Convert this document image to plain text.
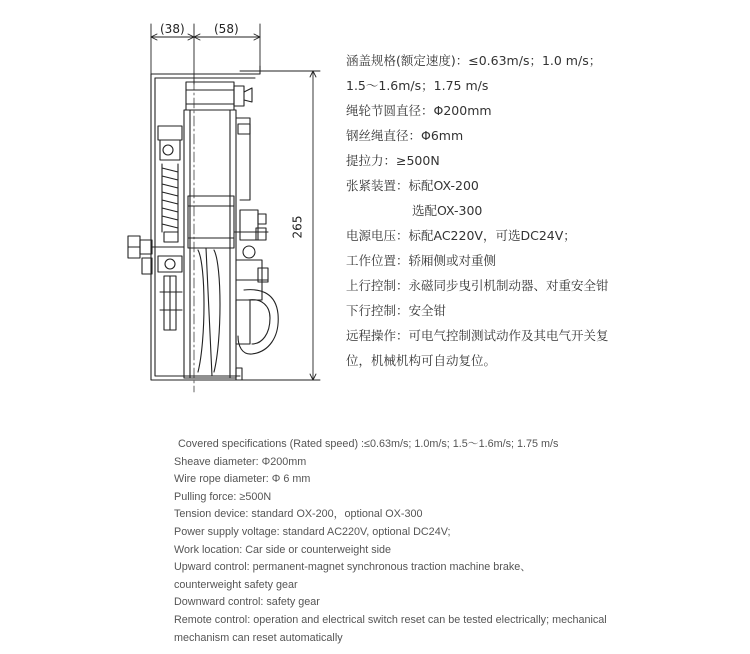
(38) (58)
265
涵盖规格(额定速度)：≤0.63m/s；1.0 m/s；
1.5～1.6m/s；1.75 m/s
绳轮节圆直径：Φ200mm
钢丝绳直径：Φ6mm
提拉力：≥500N
张紧装置：标配OX-200
选配OX-300
电源电压：标配AC220V，可选DC24V；
工作位置：轿厢侧或对重侧
上行控制：永磁同步曳引机制动器、对重安全钳
下行控制：安全钳
远程操作：可电气控制测试动作及其电气开关复
位，机械机构可自动复位。
Covered specifications (Rated speed) :≤0.63m/s; 1.0m/s; 1.5～1.6m/s; 1.75 m/s
Sheave diameter: Φ200mm
Wire rope diameter: Φ 6 mm
Pulling force: ≥500N
Tension device: standard OX-200，optional OX-300
Power supply voltage: standard AC220V, optional DC24V;
Work location: Car side or counterweight side
Upward control: permanent-magnet synchronous traction machine brake、
counterweight safety gear
Downward control: safety gear
Remote control: operation and electrical switch reset can be tested electrically; mechanical
mechanism can reset automatically
